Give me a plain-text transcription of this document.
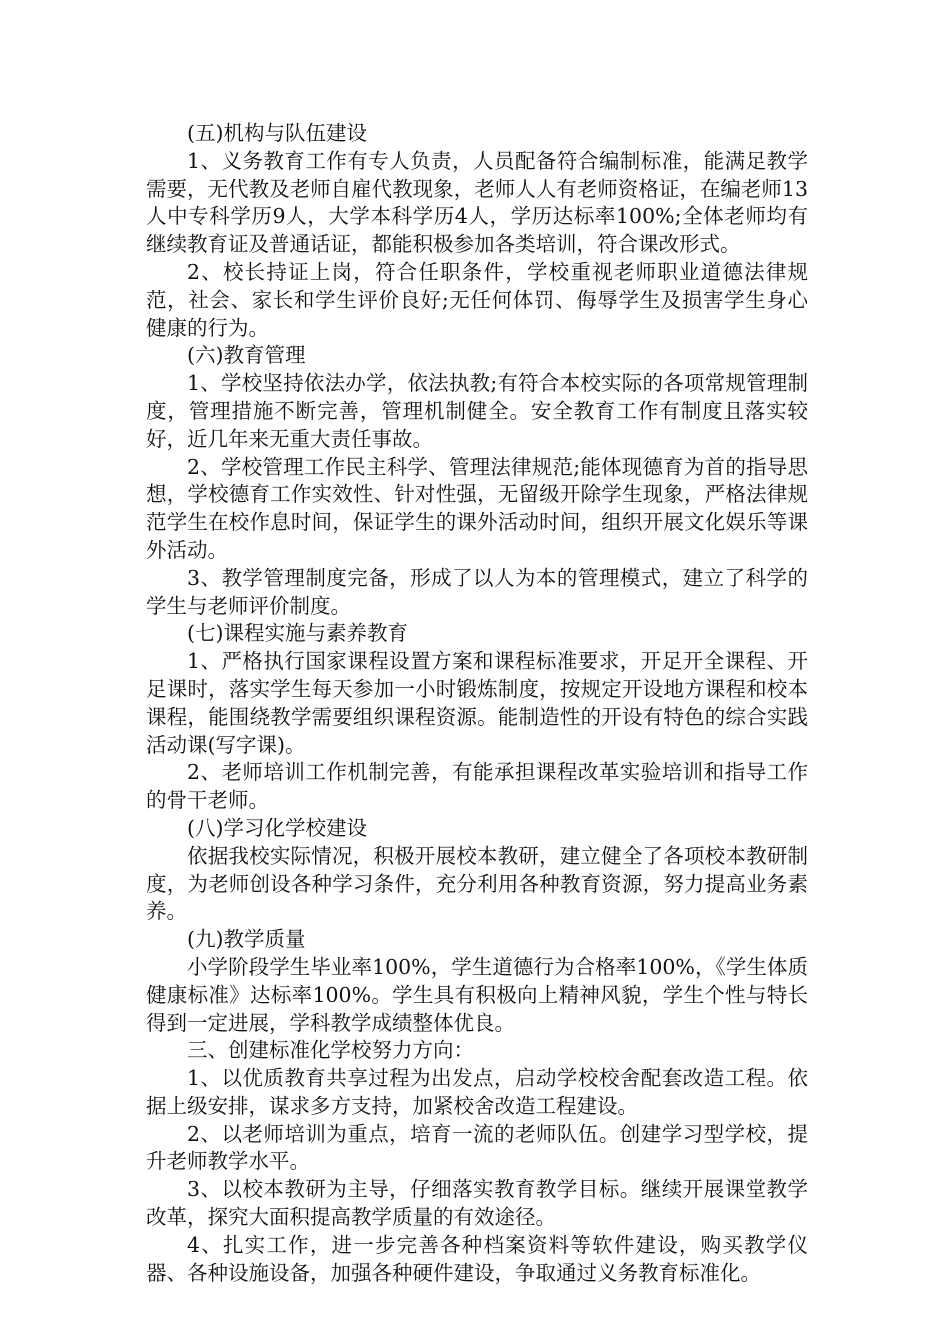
(五)机构与队伍建设

1、义务教育工作有专人负责，人员配备符合编制标准，能满足教学需要，无代教及老师自雇代教现象，老师人人有老师资格证，在编老师13人中专科学历9人，大学本科学历4人，学历达标率100%;全体老师均有继续教育证及普通话证，都能积极参加各类培训，符合课改形式。

2、校长持证上岗，符合任职条件，学校重视老师职业道德法律规范，社会、家长和学生评价良好;无任何体罚、侮辱学生及损害学生身心健康的行为。

(六)教育管理

1、学校坚持依法办学，依法执教;有符合本校实际的各项常规管理制度，管理措施不断完善，管理机制健全。安全教育工作有制度且落实较好，近几年来无重大责任事故。

2、学校管理工作民主科学、管理法律规范;能体现德育为首的指导思想，学校德育工作实效性、针对性强，无留级开除学生现象，严格法律规范学生在校作息时间，保证学生的课外活动时间，组织开展文化娱乐等课外活动。

3、教学管理制度完备，形成了以人为本的管理模式，建立了科学的学生与老师评价制度。

(七)课程实施与素养教育

1、严格执行国家课程设置方案和课程标准要求，开足开全课程、开足课时，落实学生每天参加一小时锻炼制度，按规定开设地方课程和校本课程，能围绕教学需要组织课程资源。能制造性的开设有特色的综合实践活动课(写字课)。

2、老师培训工作机制完善，有能承担课程改革实验培训和指导工作的骨干老师。

(八)学习化学校建设

依据我校实际情况，积极开展校本教研，建立健全了各项校本教研制度，为老师创设各种学习条件，充分利用各种教育资源，努力提高业务素养。

(九)教学质量

小学阶段学生毕业率100%，学生道德行为合格率100%，《学生体质健康标准》达标率100%。学生具有积极向上精神风貌，学生个性与特长得到一定进展，学科教学成绩整体优良。

三、创建标准化学校努力方向：

1、以优质教育共享过程为出发点，启动学校校舍配套改造工程。依据上级安排，谋求多方支持，加紧校舍改造工程建设。

2、以老师培训为重点，培育一流的老师队伍。创建学习型学校，提升老师教学水平。

3、以校本教研为主导，仔细落实教育教学目标。继续开展课堂教学改革，探究大面积提高教学质量的有效途径。

4、扎实工作，进一步完善各种档案资料等软件建设，购买教学仪器、各种设施设备，加强各种硬件建设，争取通过义务教育标准化。
